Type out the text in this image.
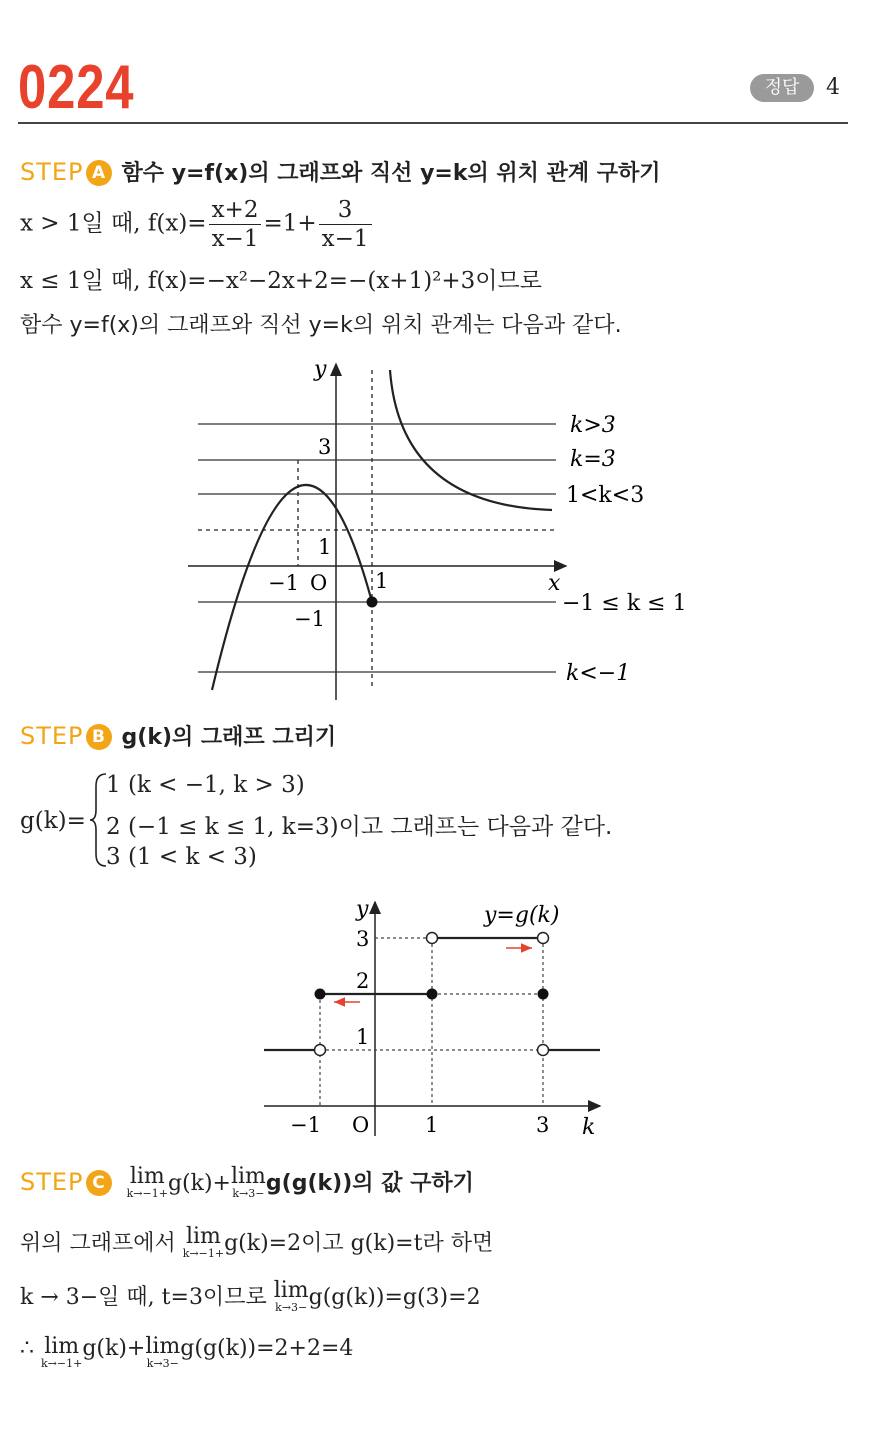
0224	정답	4
STEP A 함수 y=f(x)의 그래프와 직선 y=k의 위치 관계 구하기
x > 1일 때, $f(x)= \frac{x+2}{x-1} =1+ \frac{3}{x-1}$
x ≤ 1일 때, f(x)=−x²−2x+2=−(x+1)²+3이므로
함수 y=f(x)의 그래프와 직선 y=k의 위치 관계는 다음과 같다.
y
x
O
3
1
−1	1
−1
k>3
k=3
1<k<3
−1 ≤ k ≤ 1
k<−1
STEP B g(k)의 그래프 그리기
g(k)=
1 (k < −1, k > 3)
2 (−1 ≤ k ≤ 1, k=3)이고 그래프는 다음과 같다.
3 (1 < k < 3)
y
k
O
y=g(k)
3
2
1
−1	1	3
STEP C lim
k→−1+ g(k)+lim
k→3− g(g(k))의 값 구하기
위의 그래프에서 lim
k→−1+ g(k)=2이고 g(k)=t라 하면
k → 3−일 때, t=3이므로 lim
k→3− g(g(k))=g(3)=2
∴ lim
k→−1+
g(k)+lim
k→3−
g(g(k))=2+2=4
